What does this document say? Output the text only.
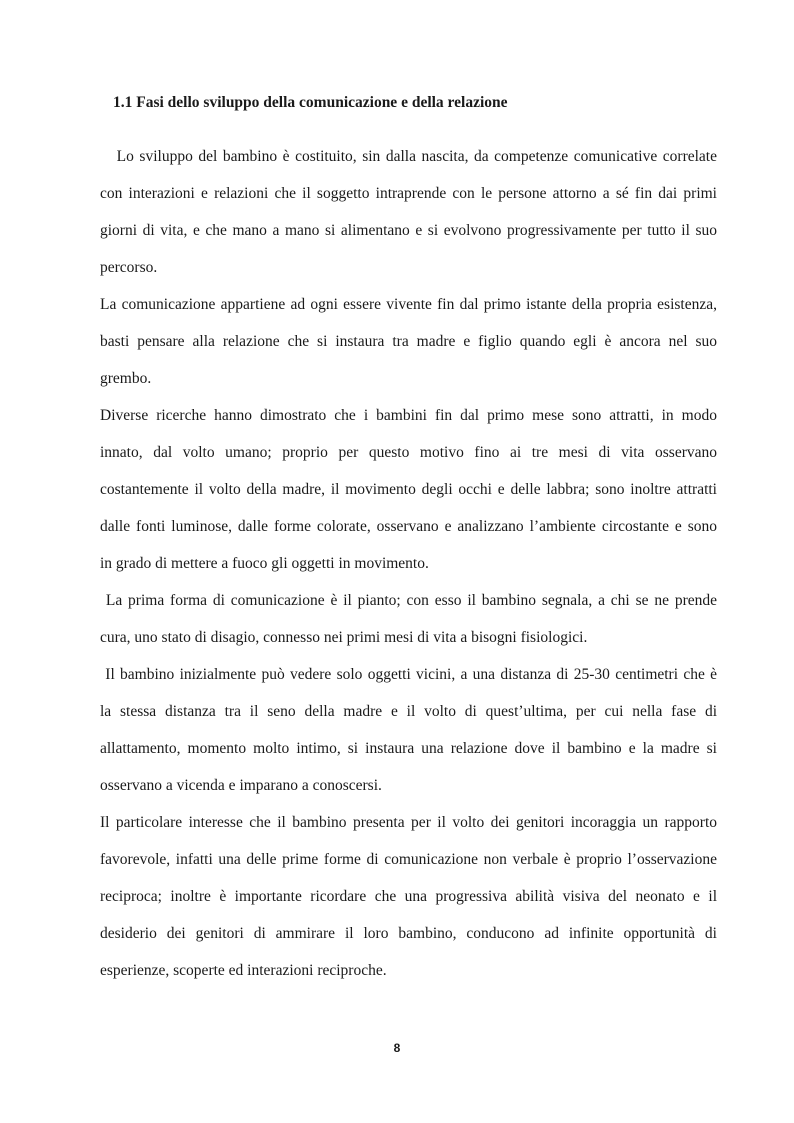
1.1 Fasi dello sviluppo della comunicazione e della relazione
Lo sviluppo del bambino è costituito, sin dalla nascita, da competenze comunicative correlate
con interazioni e relazioni che il soggetto intraprende con le persone attorno a sé fin dai primi
giorni di vita, e che mano a mano si alimentano e si evolvono progressivamente per tutto il suo
percorso.
La comunicazione appartiene ad ogni essere vivente fin dal primo istante della propria esistenza,
basti pensare alla relazione che si instaura tra madre e figlio quando egli è ancora nel suo
grembo.
Diverse ricerche hanno dimostrato che i bambini fin dal primo mese sono attratti, in modo
innato, dal volto umano; proprio per questo motivo fino ai tre mesi di vita osservano
costantemente il volto della madre, il movimento degli occhi e delle labbra; sono inoltre attratti
dalle fonti luminose, dalle forme colorate, osservano e analizzano l’ambiente circostante e sono
in grado di mettere a fuoco gli oggetti in movimento.
La prima forma di comunicazione è il pianto; con esso il bambino segnala, a chi se ne prende
cura, uno stato di disagio, connesso nei primi mesi di vita a bisogni fisiologici.
Il bambino inizialmente può vedere solo oggetti vicini, a una distanza di 25-30 centimetri che è
la stessa distanza tra il seno della madre e il volto di quest’ultima, per cui nella fase di
allattamento, momento molto intimo, si instaura una relazione dove il bambino e la madre si
osservano a vicenda e imparano a conoscersi.
Il particolare interesse che il bambino presenta per il volto dei genitori incoraggia un rapporto
favorevole, infatti una delle prime forme di comunicazione non verbale è proprio l’osservazione
reciproca; inoltre è importante ricordare che una progressiva abilità visiva del neonato e il
desiderio dei genitori di ammirare il loro bambino, conducono ad infinite opportunità di
esperienze, scoperte ed interazioni reciproche.
8
